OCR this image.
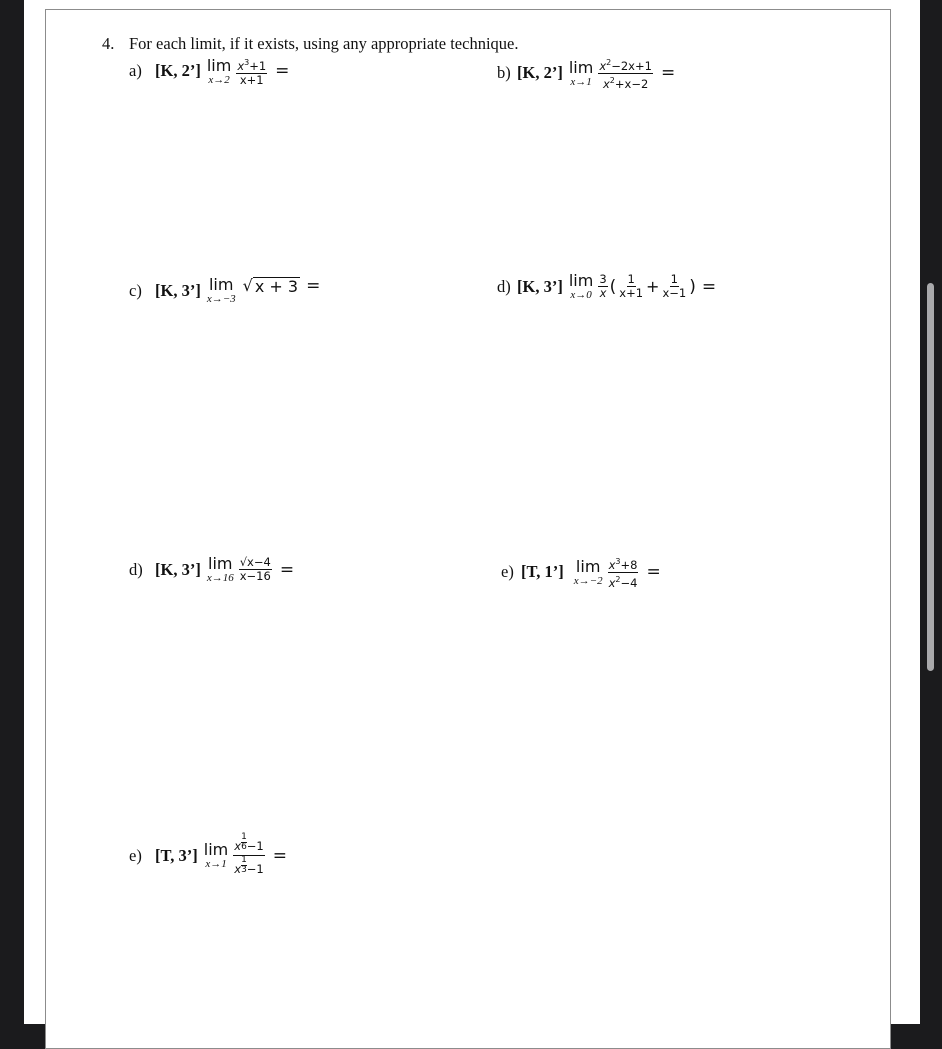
4. For each limit, if it exists, using any appropriate technique.
a) [K, 2’] lim
$x\to 2 \frac{x^3+1}{x+1}$ =	b) [K, 2’] lim
$x\to 1 \frac{x^2-2x+1}{x^2+x-2}$ =
c) [K, 3’] lim
x→−3
√ x + 3 =	d) [K, 3’] lim
$x\to 0 \frac{3}{x}$ ( $\frac{1}{x+1} + \frac{1}{x-1}$ ) =
d) [K, 3’] lim
$x\to 16 \frac{√x-4}{x-16}$ =	e) [T, 1’] lim
$x\to-2 \frac{x^3+8}{x^2-4}$ =
e) [T, 3’] lim
$x\to 1 \frac{x \frac{1}{6} -1}{x \frac{1}{3} -1}$ =
